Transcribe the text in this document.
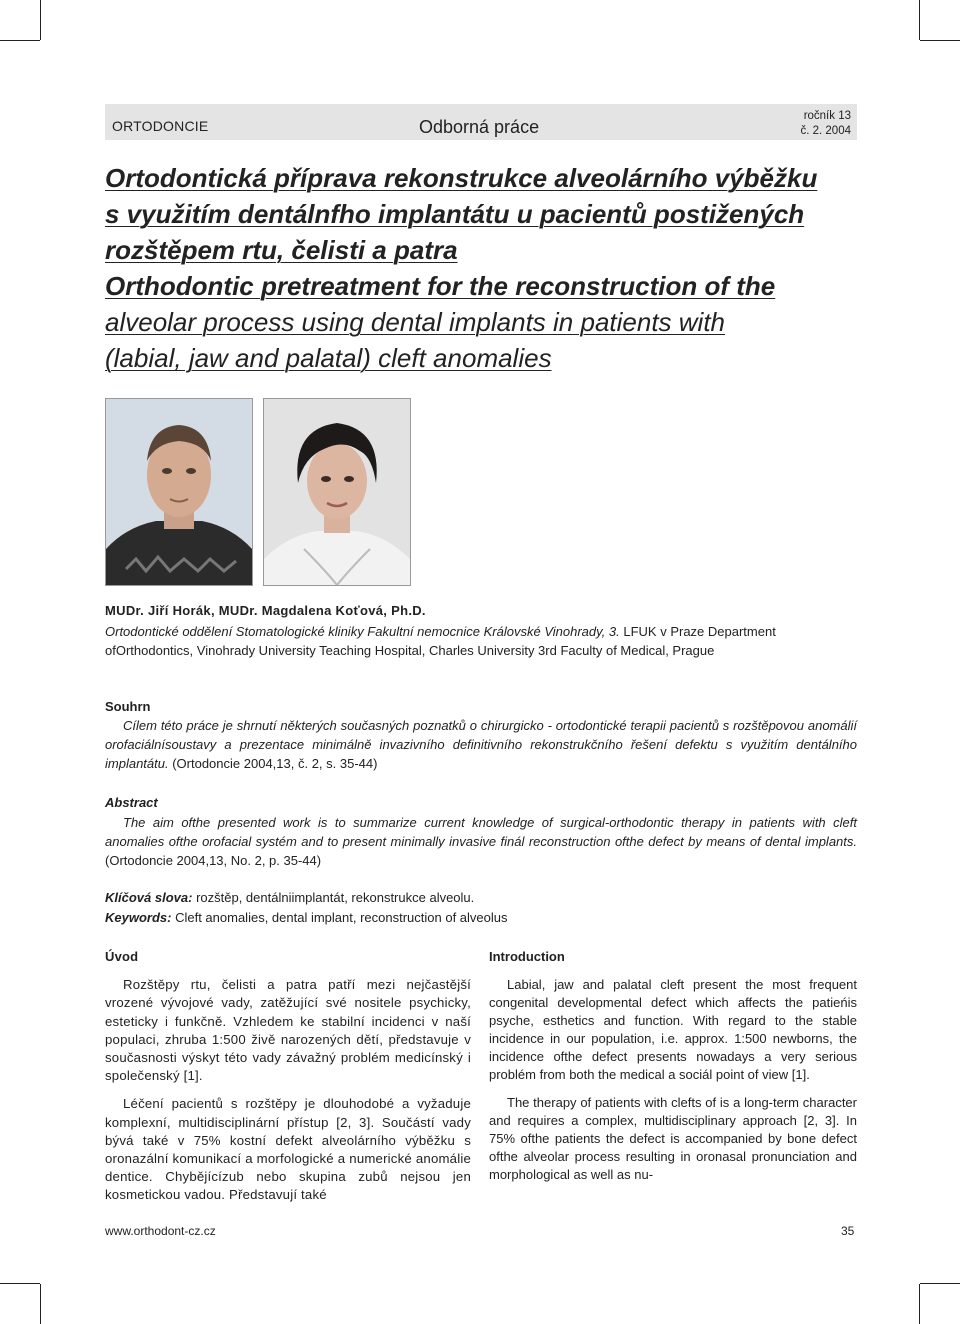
ORTODONCIE	Odborná práce
ročník 13
č. 2. 2004
Ortodontická příprava rekonstrukce alveolárního výběžku
s využitím dentálnfho implantátu u pacientů postižených
rozštěpem rtu, čelisti a patra
Orthodontic pretreatment for the reconstruction of the
alveolar process using dental implants in patients with
(labial, jaw and palatal) cleft anomalies
MUDr. Jiří Horák, MUDr. Magdalena Koťová, Ph.D.
Ortodontické oddělení Stomatologické kliniky Fakultní nemocnice Královské Vinohrady, 3. LFUK v Praze Department ofOrthodontics, Vinohrady University Teaching Hospital, Charles University 3rd Faculty of Medical, Prague
Souhrn
Cílem této práce je shrnutí některých současných poznatků o chirurgicko - ortodontické terapii pacientů s rozštěpovou anomálií orofaciálnísoustavy a prezentace minimálně invazivního definitivního rekonstrukčního řešení defektu s využitím dentálního implantátu. (Ortodoncie 2004,13, č. 2, s. 35-44)
Abstract
The aim ofthe presented work is to summarize current knowledge of surgical-orthodontic therapy in patients with cleft anomalies ofthe orofacial systém and to present minimally invasive finál reconstruction ofthe defect by means of dental implants. (Ortodoncie 2004,13, No. 2, p. 35-44)
Klíčová slova: rozštěp, dentálniimplantát, rekonstrukce alveolu.
Keywords: Cleft anomalies, dental implant, reconstruction of alveolus
Úvod

Rozštěpy rtu, čelisti a patra patří mezi nejčastější vrozené vývojové vady, zatěžující své nositele psychicky, esteticky i funkčně. Vzhledem ke stabilní incidenci v naší populaci, zhruba 1:500 živě narozených dětí, představuje v současnosti výskyt této vady závažný problém medicínský i společenský [1].

Léčení pacientů s rozštěpy je dlouhodobé a vyžaduje komplexní, multidisciplinární přístup [2, 3]. Součástí vady bývá také v 75% kostní defekt alveolárního výběžku s oronazální komunikací a morfologické a numerické anomálie dentice. Chybějícízub nebo skupina zubů nejsou jen kosmetickou vadou. Představují také

Introduction

Labial, jaw and palatal cleft present the most frequent congenital developmental defect which affects the patieńis psyche, esthetics and function. With regard to the stable incidence in our population, i.e. approx. 1:500 newborns, the incidence ofthe defect presents nowadays a very serious problém from both the medical a sociál point of view [1].

The therapy of patients with clefts of is a long-term character and requires a complex, multidisciplinary approach [2, 3]. In 75% ofthe patients the defect is accompanied by bone defect ofthe alveolar process resulting in oronasal pronunciation and morphological as well as nu-

www.orthodont-cz.cz	35
